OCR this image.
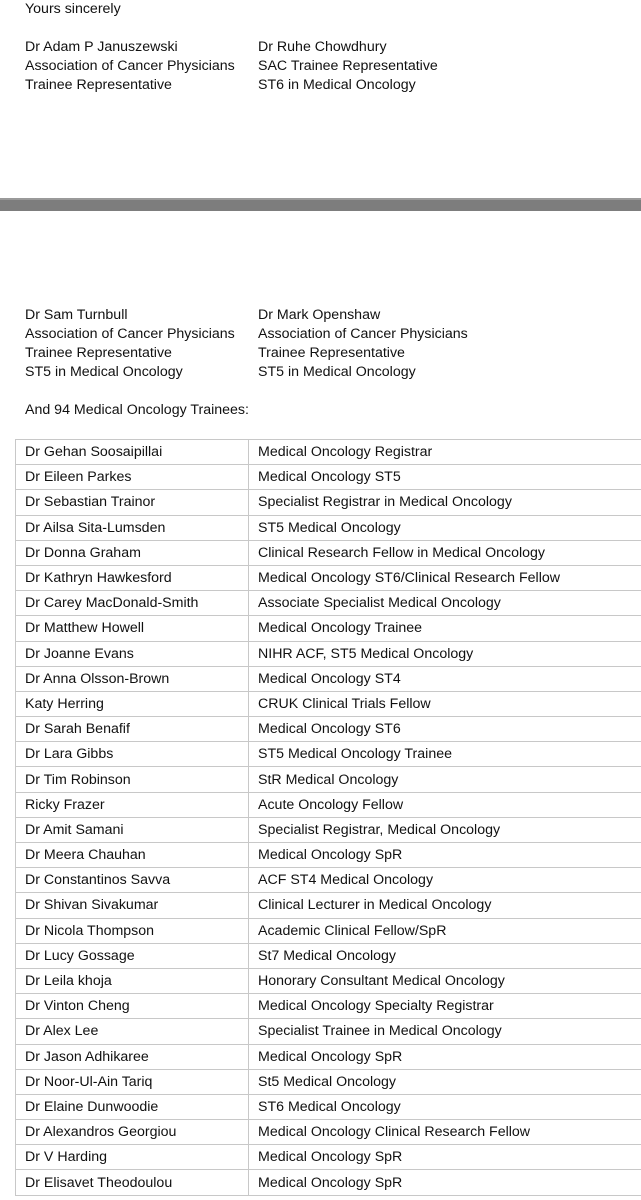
Yours sincerely
Dr Adam P Januszewski
Association of Cancer Physicians
Trainee Representative
Dr Ruhe Chowdhury
SAC Trainee Representative
ST6 in Medical Oncology
Dr Sam Turnbull
Association of Cancer Physicians
Trainee Representative
ST5 in Medical Oncology
Dr Mark Openshaw
Association of Cancer Physicians
Trainee Representative
ST5 in Medical Oncology
And 94 Medical Oncology Trainees:
Dr Gehan Soosaipillai	Medical Oncology Registrar
Dr Eileen Parkes	Medical Oncology ST5
Dr Sebastian Trainor	Specialist Registrar in Medical Oncology
Dr Ailsa Sita-Lumsden	ST5 Medical Oncology
Dr Donna Graham	Clinical Research Fellow in Medical Oncology
Dr Kathryn Hawkesford	Medical Oncology ST6/Clinical Research Fellow
Dr Carey MacDonald-Smith	Associate Specialist Medical Oncology
Dr Matthew Howell	Medical Oncology Trainee
Dr Joanne Evans	NIHR ACF, ST5 Medical Oncology
Dr Anna Olsson-Brown	Medical Oncology ST4
Katy Herring	CRUK Clinical Trials Fellow
Dr Sarah Benafif	Medical Oncology ST6
Dr Lara Gibbs	ST5 Medical Oncology Trainee
Dr Tim Robinson	StR Medical Oncology
Ricky Frazer	Acute Oncology Fellow
Dr Amit Samani	Specialist Registrar, Medical Oncology
Dr Meera Chauhan	Medical Oncology SpR
Dr Constantinos Savva	ACF ST4 Medical Oncology
Dr Shivan Sivakumar	Clinical Lecturer in Medical Oncology
Dr Nicola Thompson	Academic Clinical Fellow/SpR
Dr Lucy Gossage	St7 Medical Oncology
Dr Leila khoja	Honorary Consultant Medical Oncology
Dr Vinton Cheng	Medical Oncology Specialty Registrar
Dr Alex Lee	Specialist Trainee in Medical Oncology
Dr Jason Adhikaree	Medical Oncology SpR
Dr Noor-Ul-Ain Tariq	St5 Medical Oncology
Dr Elaine Dunwoodie	ST6 Medical Oncology
Dr Alexandros Georgiou	Medical Oncology Clinical Research Fellow
Dr V Harding	Medical Oncology SpR
Dr Elisavet Theodoulou	Medical Oncology SpR
